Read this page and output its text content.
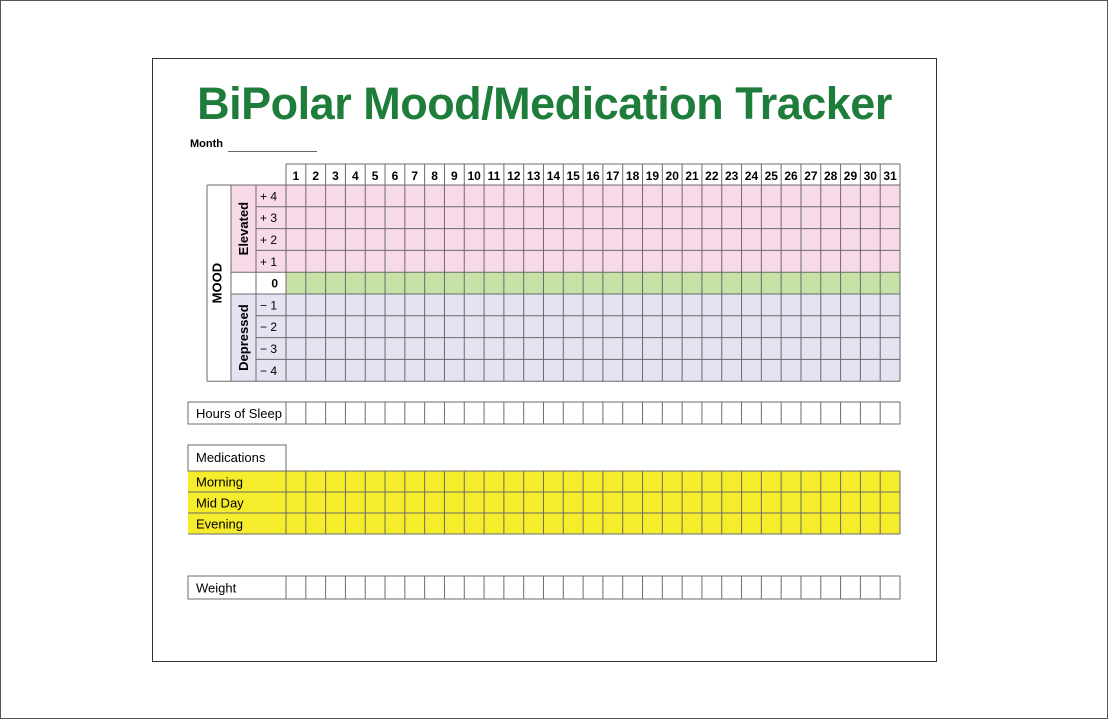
BiPolar Mood/Medication Tracker
Month
1 2 3 4 5 6 7 8 9 10 11 12 13 14 15 16 17 18 19 20 21 22 23 24 25 26 27 28 29 30 31
+ 4
+ 3
+ 2
+ 1
0
− 1
− 2
− 3
− 4
Elevated
Depressed
MOOD
Hours of Sleep
Medications
Morning
Mid Day
Evening
Weight
